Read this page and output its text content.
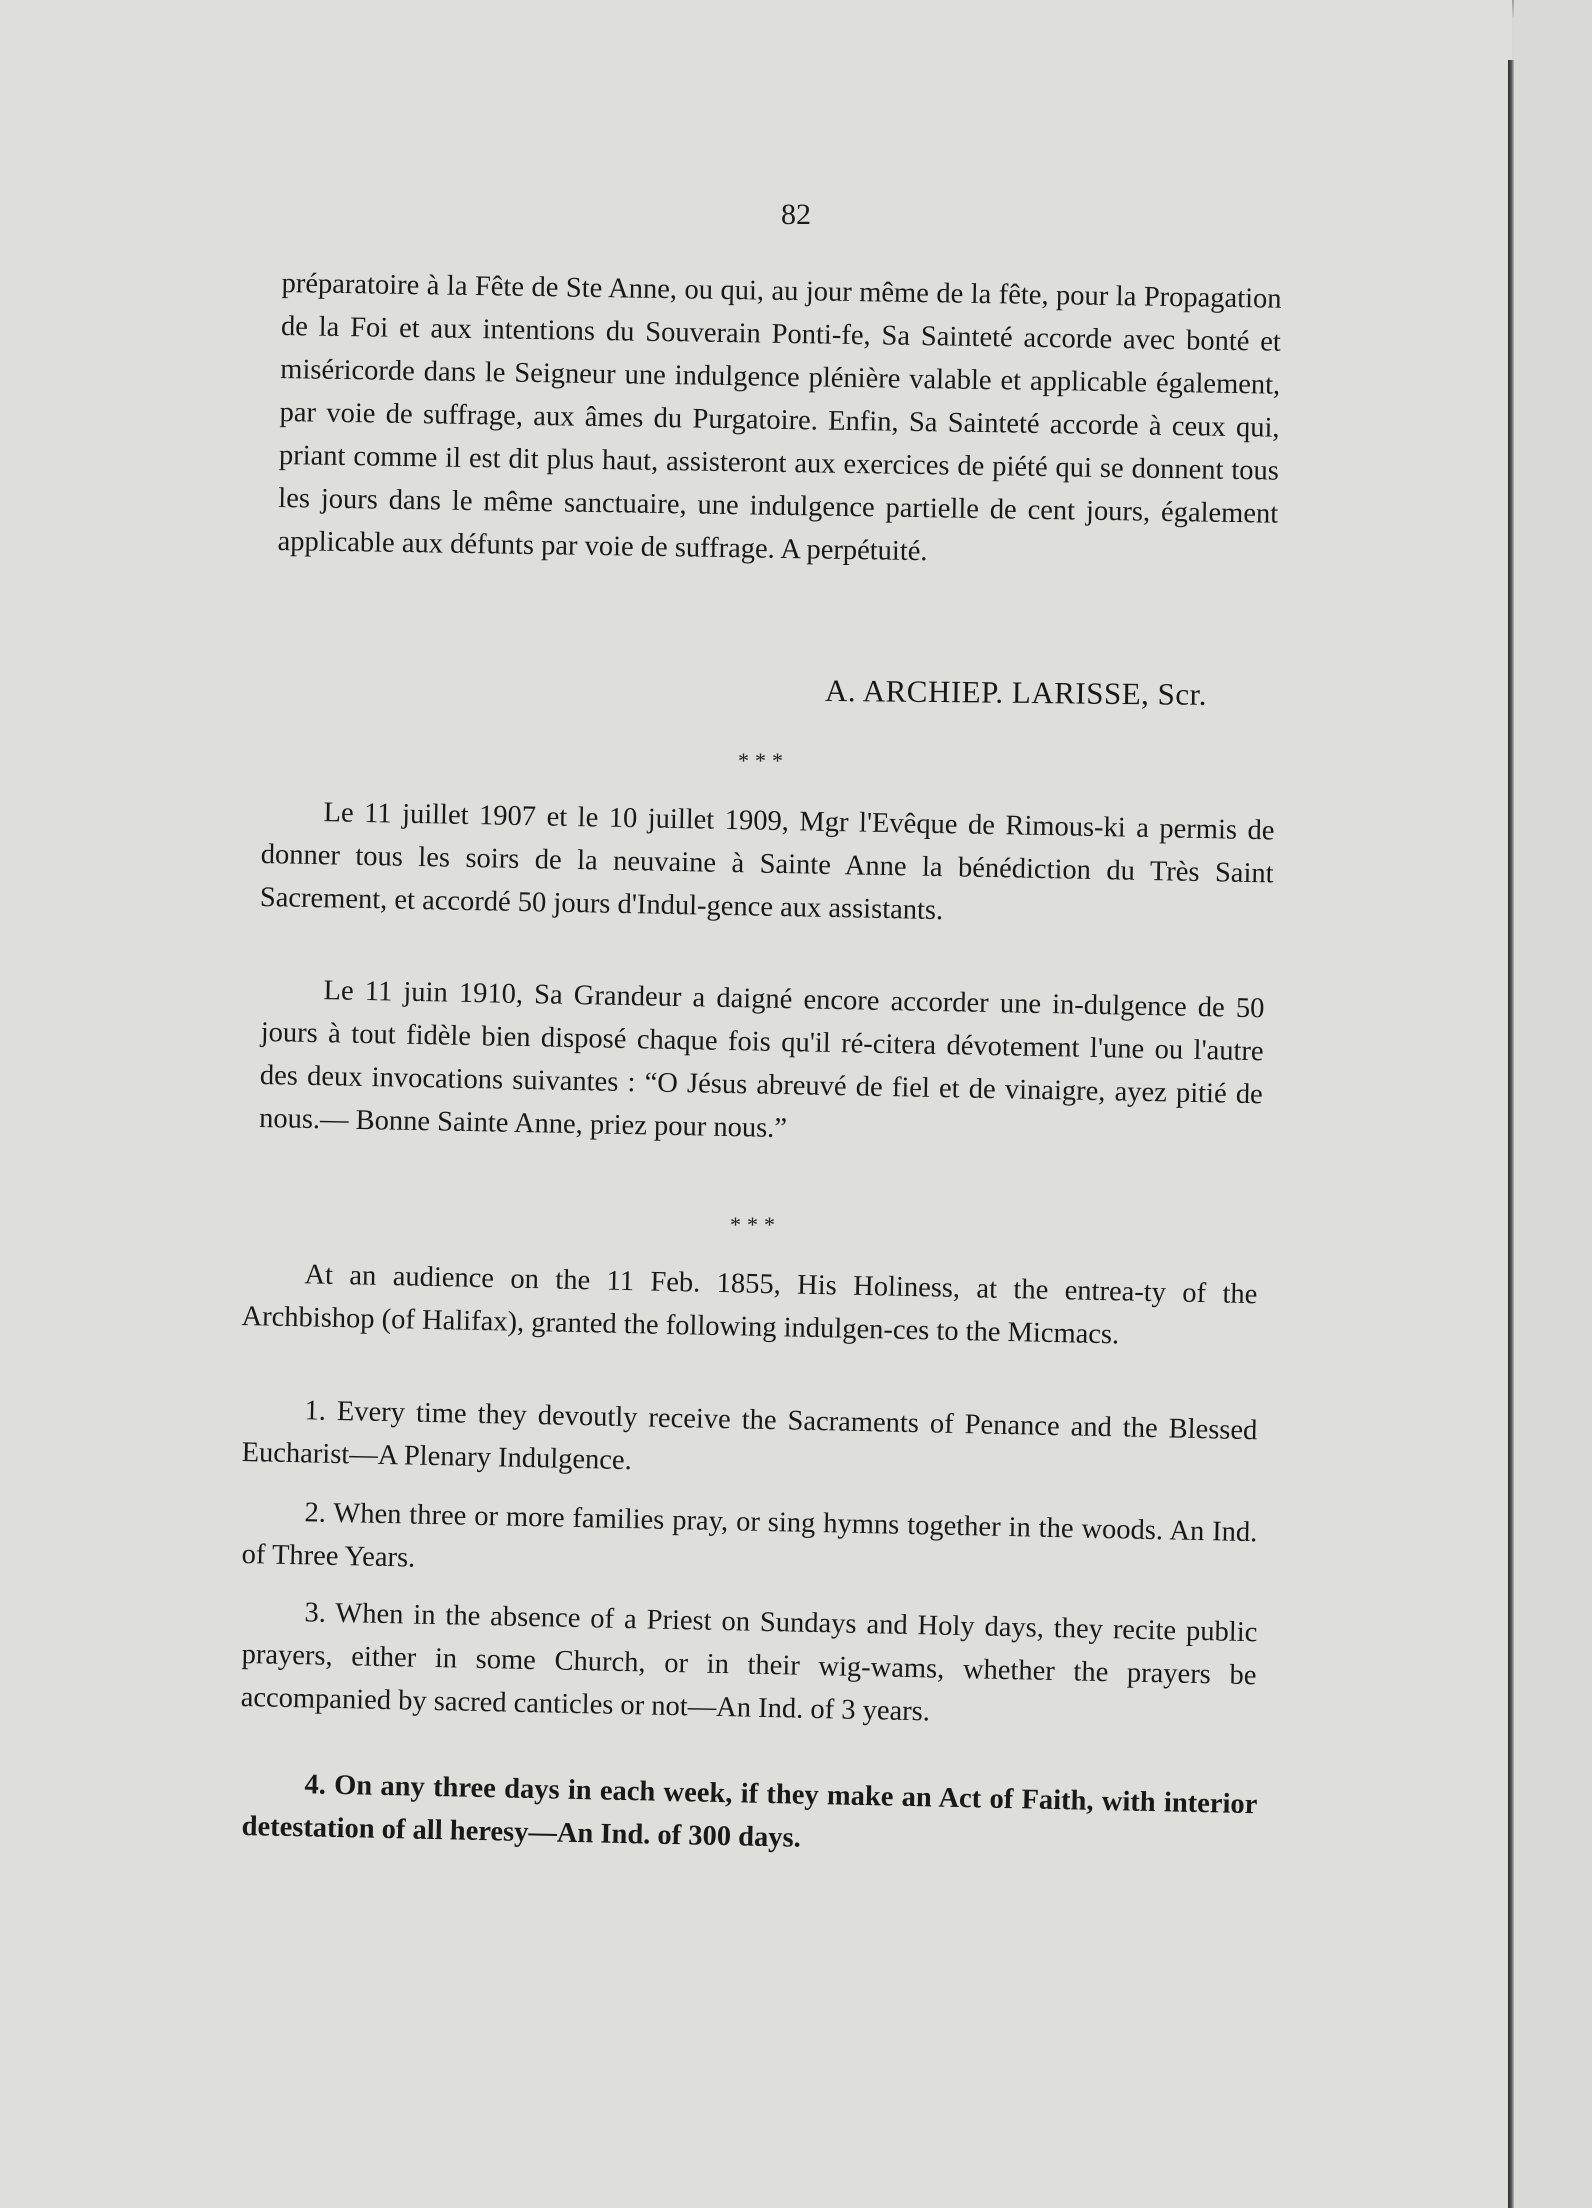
82

préparatoire à la Fête de Ste Anne, ou qui, au jour même de la fête, pour la Propagation de la Foi et aux intentions du Souverain Ponti-fe, Sa Sainteté accorde avec bonté et miséricorde dans le Seigneur une indulgence plénière valable et applicable également, par voie de suffrage, aux âmes du Purgatoire. Enfin, Sa Sainteté accorde à ceux qui, priant comme il est dit plus haut, assisteront aux exercices de piété qui se donnent tous les jours dans le même sanctuaire, une indulgence partielle de cent jours, également applicable aux défunts par voie de suffrage. A perpétuité.

A. ARCHIEP. LARISSE, Scr.
***

Le 11 juillet 1907 et le 10 juillet 1909, Mgr l'Evêque de Rimous-ki a permis de donner tous les soirs de la neuvaine à Sainte Anne la bénédiction du Très Saint Sacrement, et accordé 50 jours d'Indul-gence aux assistants.

Le 11 juin 1910, Sa Grandeur a daigné encore accorder une in-dulgence de 50 jours à tout fidèle bien disposé chaque fois qu'il ré-citera dévotement l'une ou l'autre des deux invocations suivantes : “O Jésus abreuvé de fiel et de vinaigre, ayez pitié de nous.— Bonne Sainte Anne, priez pour nous.”

***

At an audience on the 11 Feb. 1855, His Holiness, at the entrea-ty of the Archbishop (of Halifax), granted the following indulgen-ces to the Micmacs.

1. Every time they devoutly receive the Sacraments of Penance and the Blessed Eucharist—A Plenary Indulgence.

2. When three or more families pray, or sing hymns together in the woods. An Ind. of Three Years.

3. When in the absence of a Priest on Sundays and Holy days, they recite public prayers, either in some Church, or in their wig-wams, whether the prayers be accompanied by sacred canticles or not—An Ind. of 3 years.

4. On any three days in each week, if they make an Act of Faith, with interior detestation of all heresy—An Ind. of 300 days.
